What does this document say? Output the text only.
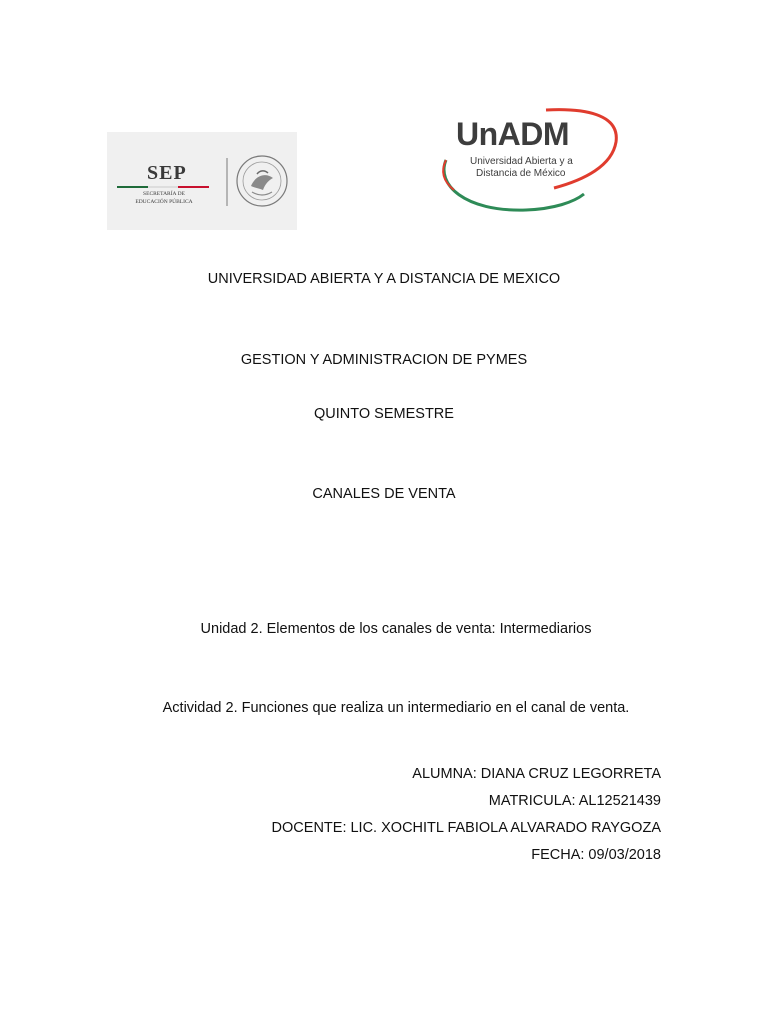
SEP
SECRETARÍA DE
EDUCACIÓN PÚBLICA
UnADM
Universidad Abierta y a
Distancia de México
UNIVERSIDAD ABIERTA Y A DISTANCIA DE MEXICO
GESTION Y ADMINISTRACION DE PYMES
QUINTO SEMESTRE
CANALES DE VENTA
Unidad 2. Elementos de los canales de venta: Intermediarios
Actividad 2. Funciones que realiza un intermediario en el canal de venta.
ALUMNA: DIANA CRUZ LEGORRETA
MATRICULA: AL12521439
DOCENTE: LIC. XOCHITL FABIOLA ALVARADO RAYGOZA
FECHA: 09/03/2018
